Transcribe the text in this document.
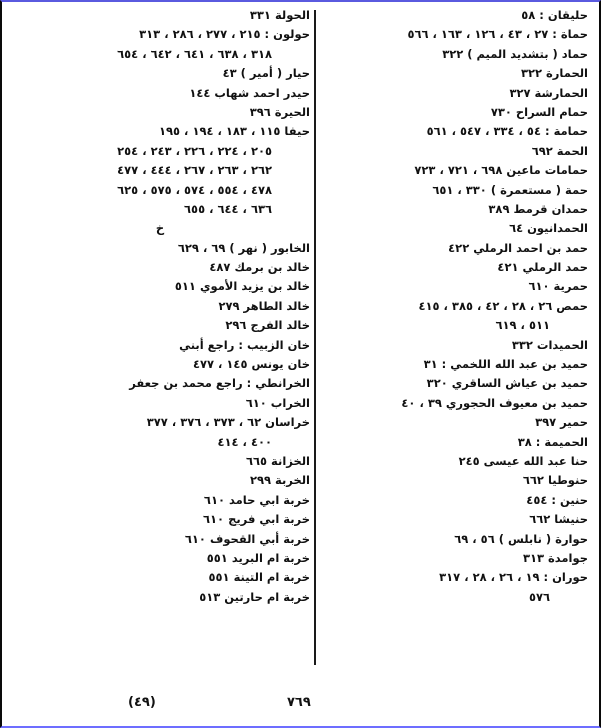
حليقان : ٥٨
حماة : ٢٧ ، ٤٣ ، ١٢٦ ، ١٦٣ ، ٥٦٦
حماد ( بتشديد الميم ) ٣٢٢
الحمارة ٣٢٢
الحمارشة ٣٢٧
حمام السراح ٧٣٠
حمامة : ٥٤ ، ٣٣٤ ، ٥٤٧ ، ٥٦١
الحمة ٦٩٢
حمامات ماعين ٦٩٨ ، ٧٢١ ، ٧٢٣
حمة ( مستعمرة ) ٣٣٠ ، ٦٥١
حمدان قرمط ٣٨٩
الحمدانيون ٦٤
حمد بن احمد الرملي ٤٢٢
حمد الرملي ٤٢١
حمرية ٦١٠
حمص ٢٦ ، ٢٨ ، ٤٢ ، ٣٨٥ ، ٤١٥
٥١١ ، ٦١٩
الحميدات ٣٣٢
حميد بن عبد الله اللخمي : ٣١
حميد بن عياش الساقري ٣٢٠
حميد بن معيوف الحجوري ٣٩ ، ٤٠
حمير ٣٩٧
الحميمة : ٣٨
حنا عبد الله عيسى ٢٤٥
حنوطيا ٦٦٢
حنين : ٤٥٤
حنيشا ٦٦٢
حوارة ( نابلس ) ٥٦ ، ٦٩
جوامدة ٣١٣
حوران : ١٩ ، ٢٦ ، ٢٨ ، ٣١٧
٥٧٦
الحولة ٣٣١
حولون : ٢١٥ ، ٢٧٧ ، ٢٨٦ ، ٣١٣
٣١٨ ، ٦٣٨ ، ٦٤١ ، ٦٤٢ ، ٦٥٤
حيار ( أمير ) ٤٣
حيدر احمد شهاب ١٤٤
الحيرة ٣٩٦
حيفا ١١٥ ، ١٨٣ ، ١٩٤ ، ١٩٥
٢٠٥ ، ٢٢٤ ، ٢٢٦ ، ٢٤٣ ، ٢٥٤
٢٦٢ ، ٢٦٣ ، ٢٦٧ ، ٤٤٤ ، ٤٧٧
٤٧٨ ، ٥٥٤ ، ٥٧٤ ، ٥٧٥ ، ٦٢٥
٦٣٦ ، ٦٤٤ ، ٦٥٥
خ
الخابور ( نهر ) ٦٩ ، ٦٢٩
خالد بن برمك ٤٨٧
خالد بن يزيد الأموي ٥١١
خالد الطاهر ٢٧٩
خالد الفرج ٢٩٦
خان الزبيب : راجع أبني
خان يونس ١٤٥ ، ٤٧٧
الخرانطي : راجع محمد بن جعفر
الخراب ٦١٠
خراسان ٦٢ ، ٣٧٣ ، ٣٧٦ ، ٣٧٧
٤٠٠ ، ٤١٤
الخزانة ٦٦٥
الخربة ٢٩٩
خربة ابي حامد ٦١٠
خربة ابي فريج ٦١٠
خربة أبي القحوف ٦١٠
خربة ام البريد ٥٥١
خربة ام التينة ٥٥١
خربة ام حارتين ٥١٣
٧٦٩
(٤٩)
